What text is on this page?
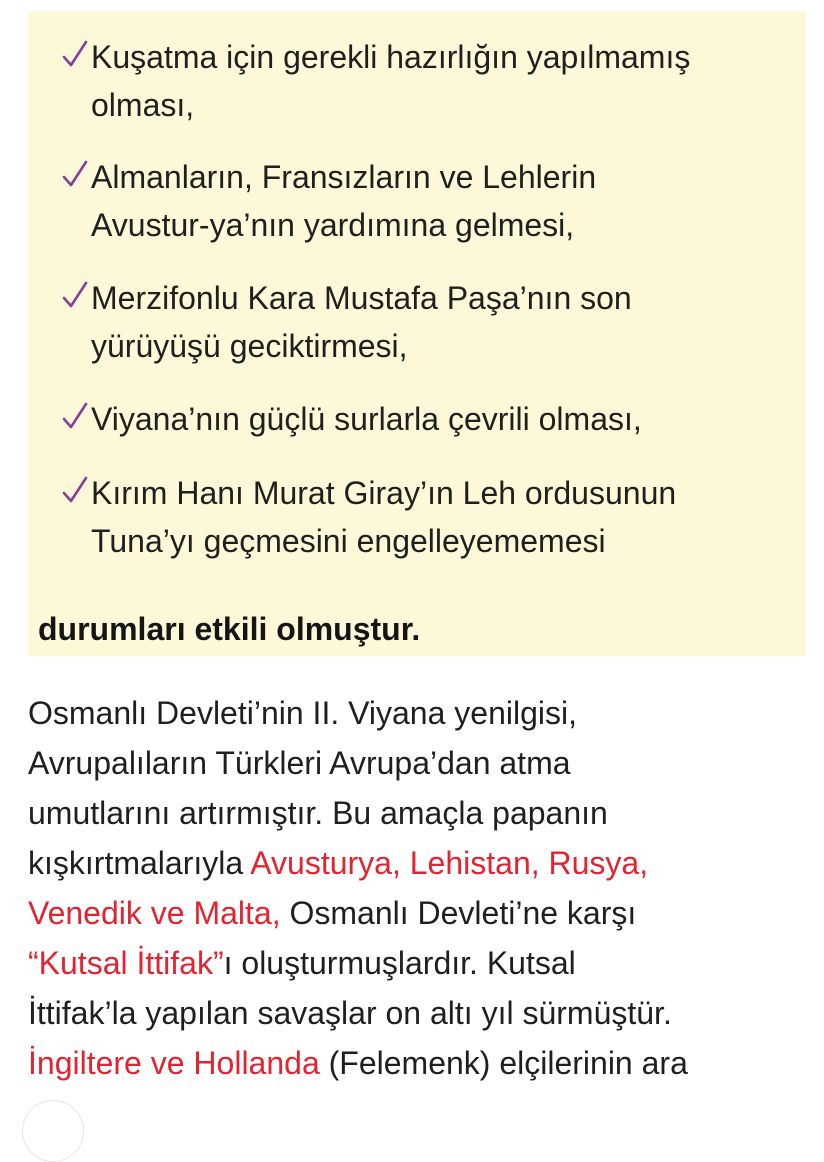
Kuşatma için gerekli hazırlığın yapılmamış
olması,
Almanların, Fransızların ve Lehlerin
Avustur-ya’nın yardımına gelmesi,
Merzifonlu Kara Mustafa Paşa’nın son
yürüyüşü geciktirmesi,
Viyana’nın güçlü surlarla çevrili olması,
Kırım Hanı Murat Giray’ın Leh ordusunun
Tuna’yı geçmesini engelleyememesi
durumları etkili olmuştur.
Osmanlı Devleti’nin II. Viyana yenilgisi,
Avrupalıların Türkleri Avrupa’dan atma
umutlarını artırmıştır. Bu amaçla papanın
kışkırtmalarıyla Avusturya, Lehistan, Rusya,
Venedik ve Malta, Osmanlı Devleti’ne karşı
“Kutsal İttifak”ı oluşturmuşlardır. Kutsal
İttifak’la yapılan savaşlar on altı yıl sürmüştür.
İngiltere ve Hollanda (Felemenk) elçilerinin ara
